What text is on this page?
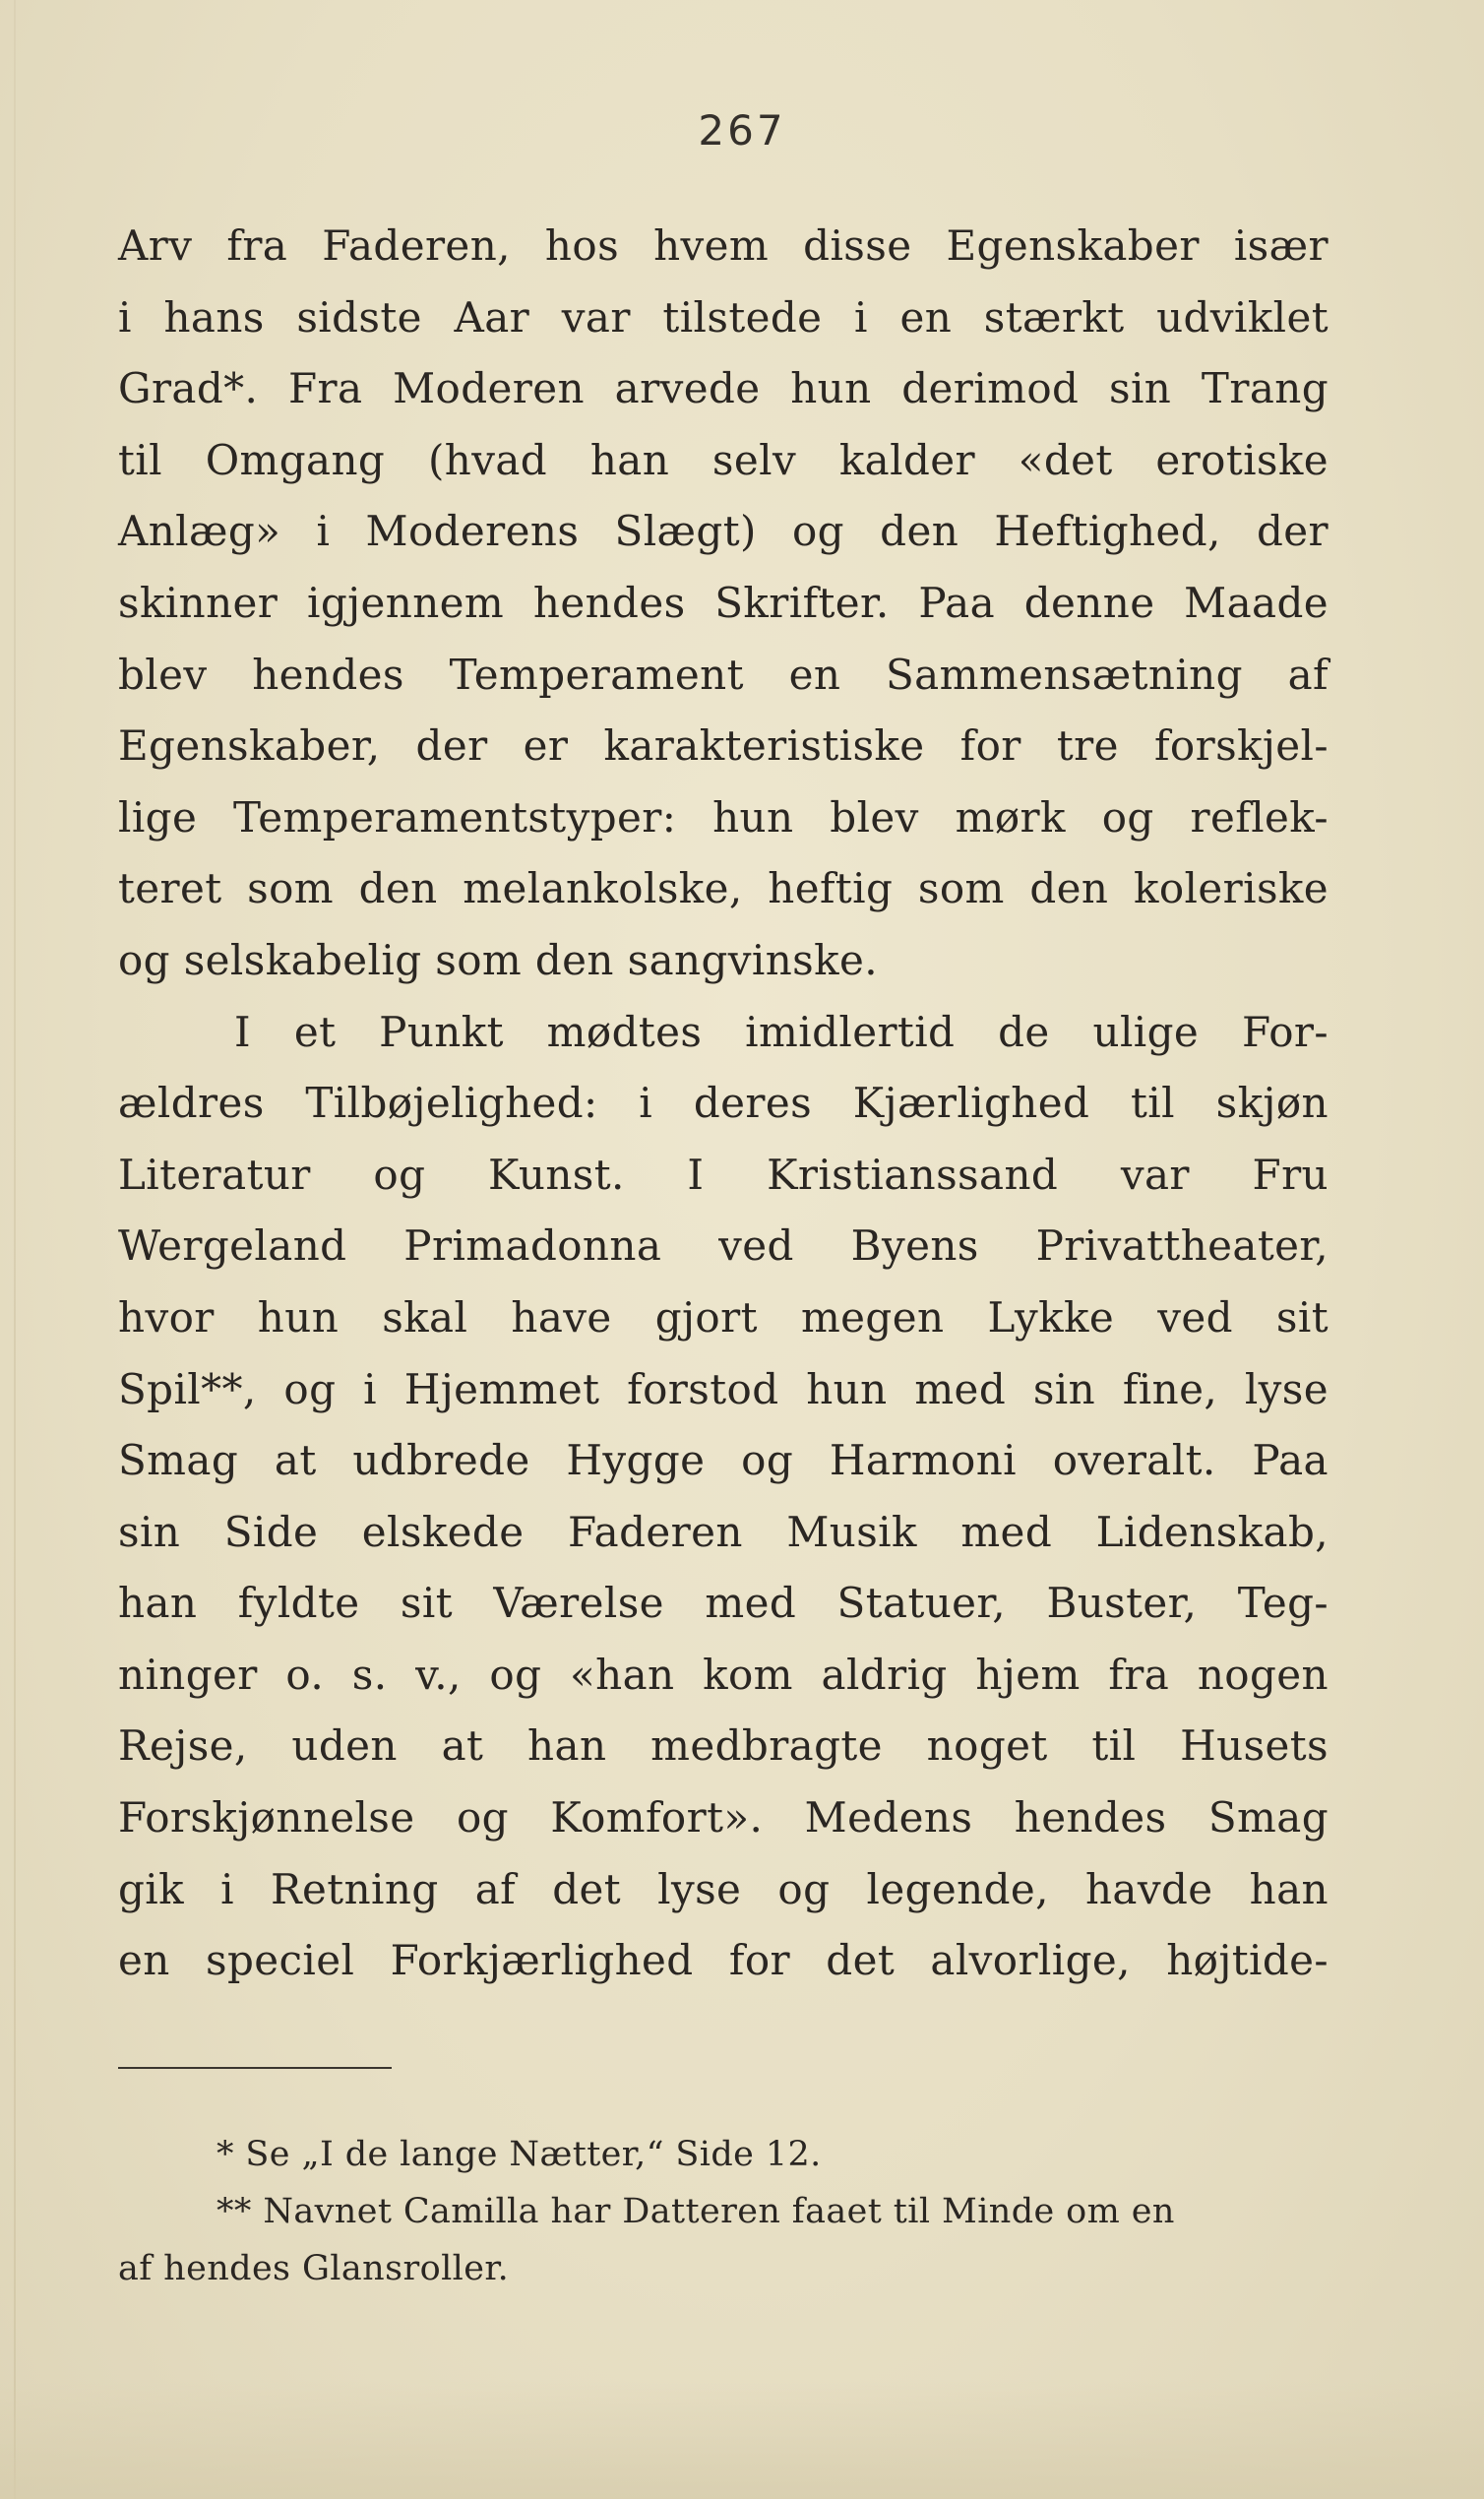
267
Arv fra Faderen, hos hvem disse Egenskaber især
i hans sidste Aar var tilstede i en stærkt udviklet
Grad*. Fra Moderen arvede hun derimod sin Trang
til Omgang (hvad han selv kalder «det erotiske
Anlæg» i Moderens Slægt) og den Heftighed, der
skinner igjennem hendes Skrifter. Paa denne Maade
blev hendes Temperament en Sammensætning af
Egenskaber, der er karakteristiske for tre forskjel-
lige Temperamentstyper: hun blev mørk og reflek-
teret som den melankolske, heftig som den koleriske
og selskabelig som den sangvinske.
I et Punkt mødtes imidlertid de ulige For-
ældres Tilbøjelighed: i deres Kjærlighed til skjøn
Literatur og Kunst. I Kristianssand var Fru
Wergeland Primadonna ved Byens Privattheater,
hvor hun skal have gjort megen Lykke ved sit
Spil**, og i Hjemmet forstod hun med sin fine, lyse
Smag at udbrede Hygge og Harmoni overalt. Paa
sin Side elskede Faderen Musik med Lidenskab,
han fyldte sit Værelse med Statuer, Buster, Teg-
ninger o. s. v., og «han kom aldrig hjem fra nogen
Rejse, uden at han medbragte noget til Husets
Forskjønnelse og Komfort». Medens hendes Smag
gik i Retning af det lyse og legende, havde han
en speciel Forkjærlighed for det alvorlige, højtide-
* Se „I de lange Nætter,“ Side 12.
** Navnet Camilla har Datteren faaet til Minde om en
af hendes Glansroller.
